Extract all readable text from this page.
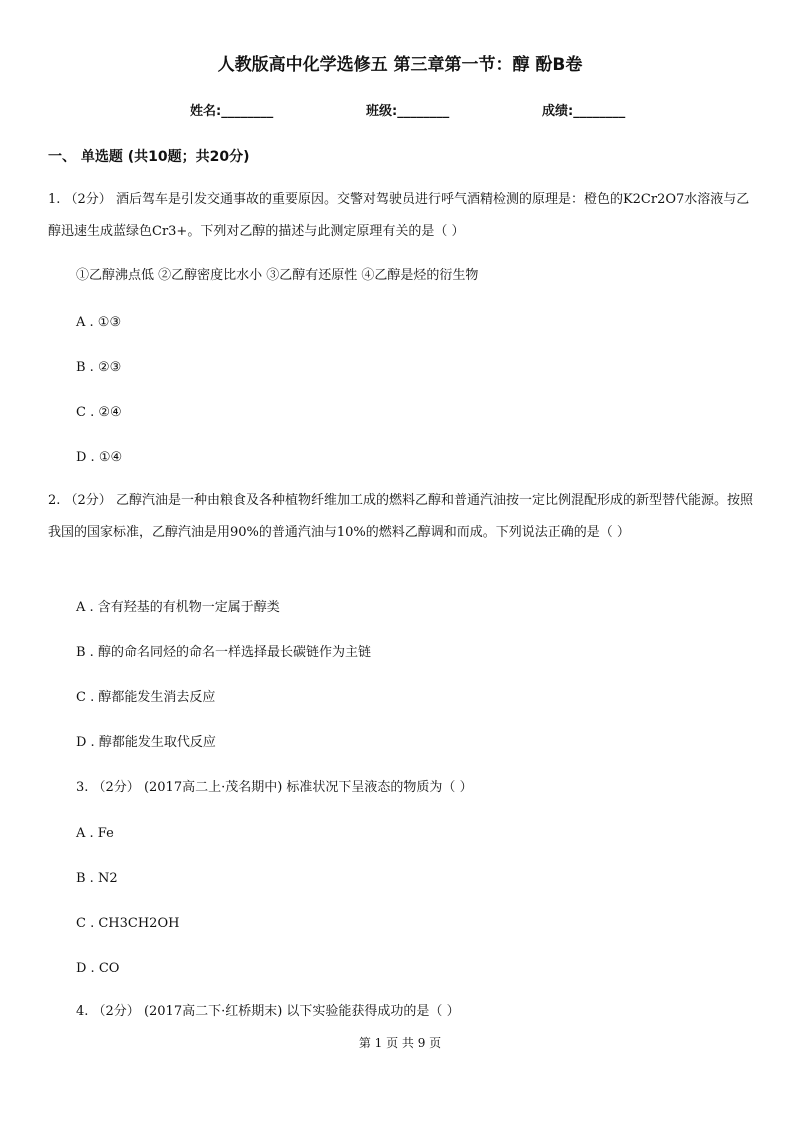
人教版高中化学选修五 第三章第一节：醇 酚B卷
姓名:________	班级:________	成绩:________
一、 单选题 (共10题；共20分)
1. （2分） 酒后驾车是引发交通事故的重要原因。交警对驾驶员进行呼气酒精检测的原理是：橙色的K2Cr2O7水溶液与乙醇迅速生成蓝绿色Cr3+。下列对乙醇的描述与此测定原理有关的是（ ）
①乙醇沸点低 ②乙醇密度比水小 ③乙醇有还原性 ④乙醇是烃的衍生物
A . ①③
B . ②③
C . ②④
D . ①④
2. （2分） 乙醇汽油是一种由粮食及各种植物纤维加工成的燃料乙醇和普通汽油按一定比例混配形成的新型替代能源。按照我国的国家标准，乙醇汽油是用90%的普通汽油与10%的燃料乙醇调和而成。下列说法正确的是（ ）
A . 含有羟基的有机物一定属于醇类
B . 醇的命名同烃的命名一样选择最长碳链作为主链
C . 醇都能发生消去反应
D . 醇都能发生取代反应
3. （2分） (2017高二上·茂名期中) 标准状况下呈液态的物质为（ ）
A . Fe
B . N2
C . CH3CH2OH
D . CO
4. （2分） (2017高二下·红桥期末) 以下实验能获得成功的是（ ）
第 1 页 共 9 页
